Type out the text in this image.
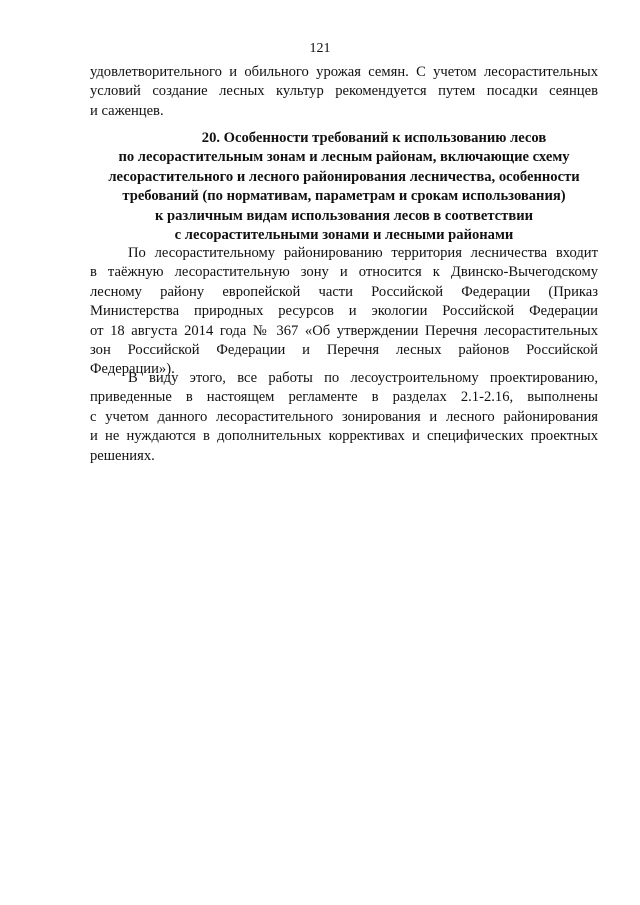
121
удовлетворительного и обильного урожая семян. С учетом лесорастительных
условий создание лесных культур рекомендуется путем посадки сеянцев
и саженцев.
20. Особенности требований к использованию лесов
по лесорастительным зонам и лесным районам, включающие схему
лесорастительного и лесного районирования лесничества, особенности
требований (по нормативам, параметрам и срокам использования)
к различным видам использования лесов в соответствии
с лесорастительными зонами и лесными районами
По лесорастительному районированию территория лесничества входит
в таёжную лесорастительную зону и относится к Двинско-Вычегодскому
лесному району европейской части Российской Федерации (Приказ
Министерства природных ресурсов и экологии Российской Федерации
от 18 августа 2014 года № 367 «Об утверждении Перечня лесорастительных
зон Российской Федерации и Перечня лесных районов Российской
Федерации»).
В виду этого, все работы по лесоустроительному проектированию,
приведенные в настоящем регламенте в разделах 2.1-2.16, выполнены
с учетом данного лесорастительного зонирования и лесного районирования
и не нуждаются в дополнительных коррективах и специфических проектных
решениях.
